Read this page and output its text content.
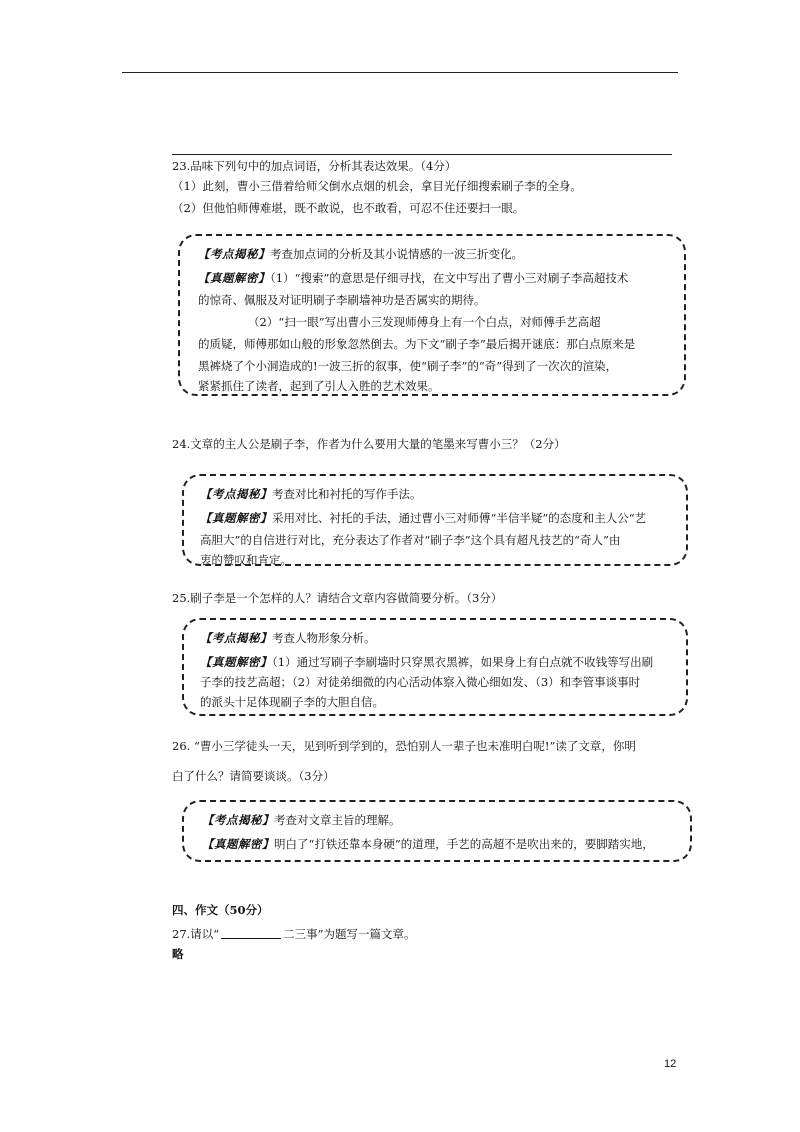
23.品味下列句中的加点词语，分析其表达效果。（4分）
（1）此刻，曹小三借着给师父倒水点烟的机会，拿目光仔细搜索刷子李的全身。
（2）但他怕师傅难堪，既不敢说，也不敢看，可忍不住还要扫一眼。
【考点揭秘】考查加点词的分析及其小说情感的一波三折变化。
【真题解密】（1）“搜索”的意思是仔细寻找，在文中写出了曹小三对刷子李高超技术
的惊奇、佩服及对证明刷子李刷墙神功是否属实的期待。
（2）“扫一眼”写出曹小三发现师傅身上有一个白点，对师傅手艺高超
的质疑，师傅那如山般的形象忽然倒去。为下文“刷子李”最后揭开谜底：那白点原来是
黑裤烧了个小洞造成的!一波三折的叙事，使“刷子李”的“奇”得到了一次次的渲染，
紧紧抓住了读者，起到了引人入胜的艺术效果。
24.文章的主人公是刷子李，作者为什么要用大量的笔墨来写曹小三？（2分）
【考点揭秘】考查对比和衬托的写作手法。
【真题解密】采用对比、衬托的手法，通过曹小三对师傅“半信半疑”的态度和主人公“艺
高胆大”的自信进行对比，充分表达了作者对“刷子李”这个具有超凡技艺的“奇人”由
衷的赞叹和肯定。
25.刷子李是一个怎样的人？请结合文章内容做简要分析。（3分）
【考点揭秘】考查人物形象分析。
【真题解密】（1）通过写刷子李刷墙时只穿黑衣黑裤，如果身上有白点就不收钱等写出刷
子李的技艺高超；（2）对徒弟细微的内心活动体察入微心细如发、（3）和李管事谈事时
的派头十足体现刷子李的大胆自信。
26. “曹小三学徒头一天，见到听到学到的，恐怕别人一辈子也未准明白呢!”读了文章，你明
白了什么？请简要谈谈。（3分）
【考点揭秘】考查对文章主旨的理解。
【真题解密】明白了“打铁还靠本身硬”的道理，手艺的高超不是吹出来的，要脚踏实地，
四、作文（50分）
27.请以“	二三事”为题写一篇文章。
略
12
